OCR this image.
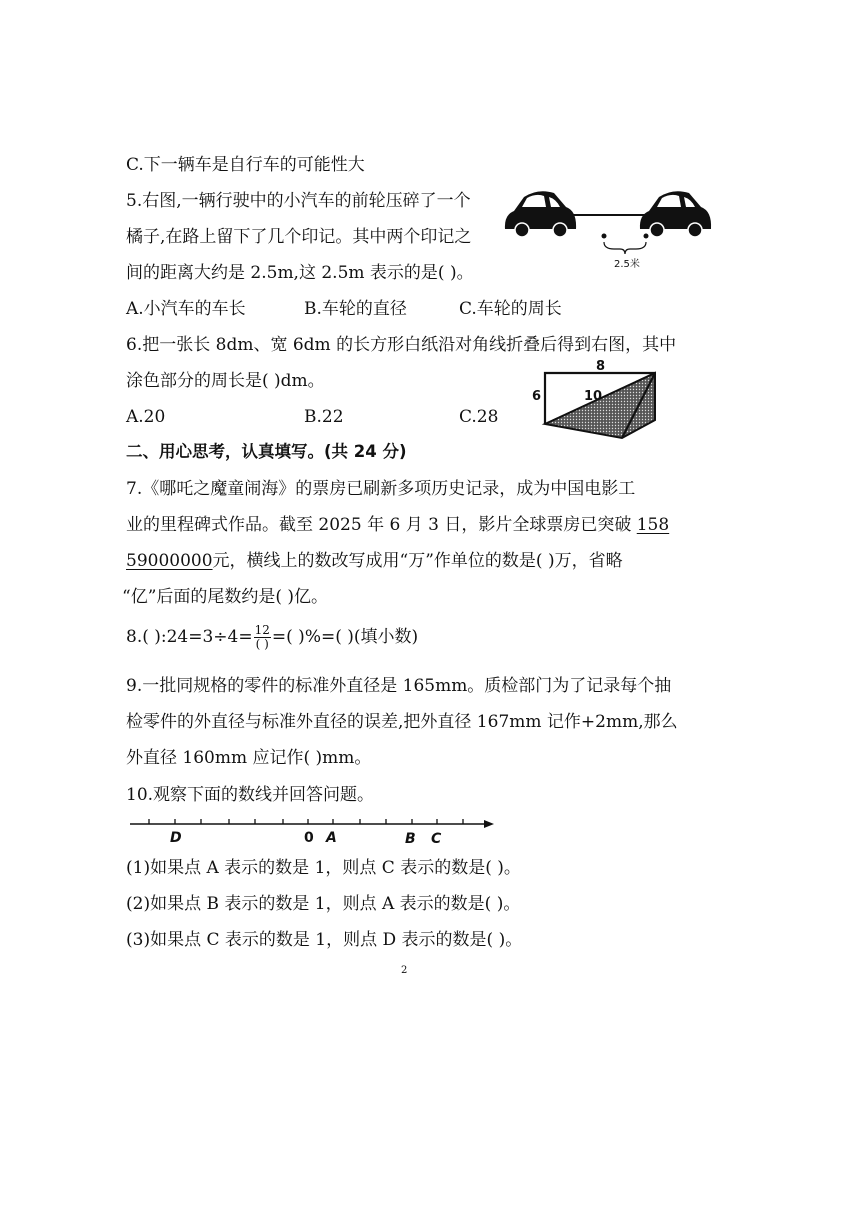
C.下一辆车是自行车的可能性大
5.右图,一辆行驶中的小汽车的前轮压碎了一个
橘子,在路上留下了几个印记。其中两个印记之
间的距离大约是 2.5m,这 2.5m 表示的是( )。
A.小汽车的车长	B.车轮的直径	C.车轮的周长
2.5米
6.把一张长 8dm、宽 6dm 的长方形白纸沿对角线折叠后得到右图，其中
涂色部分的周长是( )dm。
A.20	B.22	C.28
8
6	10
二、用心思考，认真填写。(共 24 分)
7.《哪吒之魔童闹海》的票房已刷新多项历史记录，成为中国电影工
业的里程碑式作品。截至 2025 年 6 月 3 日，影片全球票房已突破 158
59000000元，横线上的数改写成用“万”作单位的数是( )万，省略
“亿”后面的尾数约是( )亿。
8.( ):24=3÷4= $\frac{12}{( )}$ =( )%=( )(填小数)
9.一批同规格的零件的标准外直径是 165mm。质检部门为了记录每个抽
检零件的外直径与标准外直径的误差,把外直径 167mm 记作+2mm,那么
外直径 160mm 应记作( )mm。
10.观察下面的数线并回答问题。
D	0 A	B C
(1)如果点 A 表示的数是 1，则点 C 表示的数是( )。
(2)如果点 B 表示的数是 1，则点 A 表示的数是( )。
(3)如果点 C 表示的数是 1，则点 D 表示的数是( )。
2
